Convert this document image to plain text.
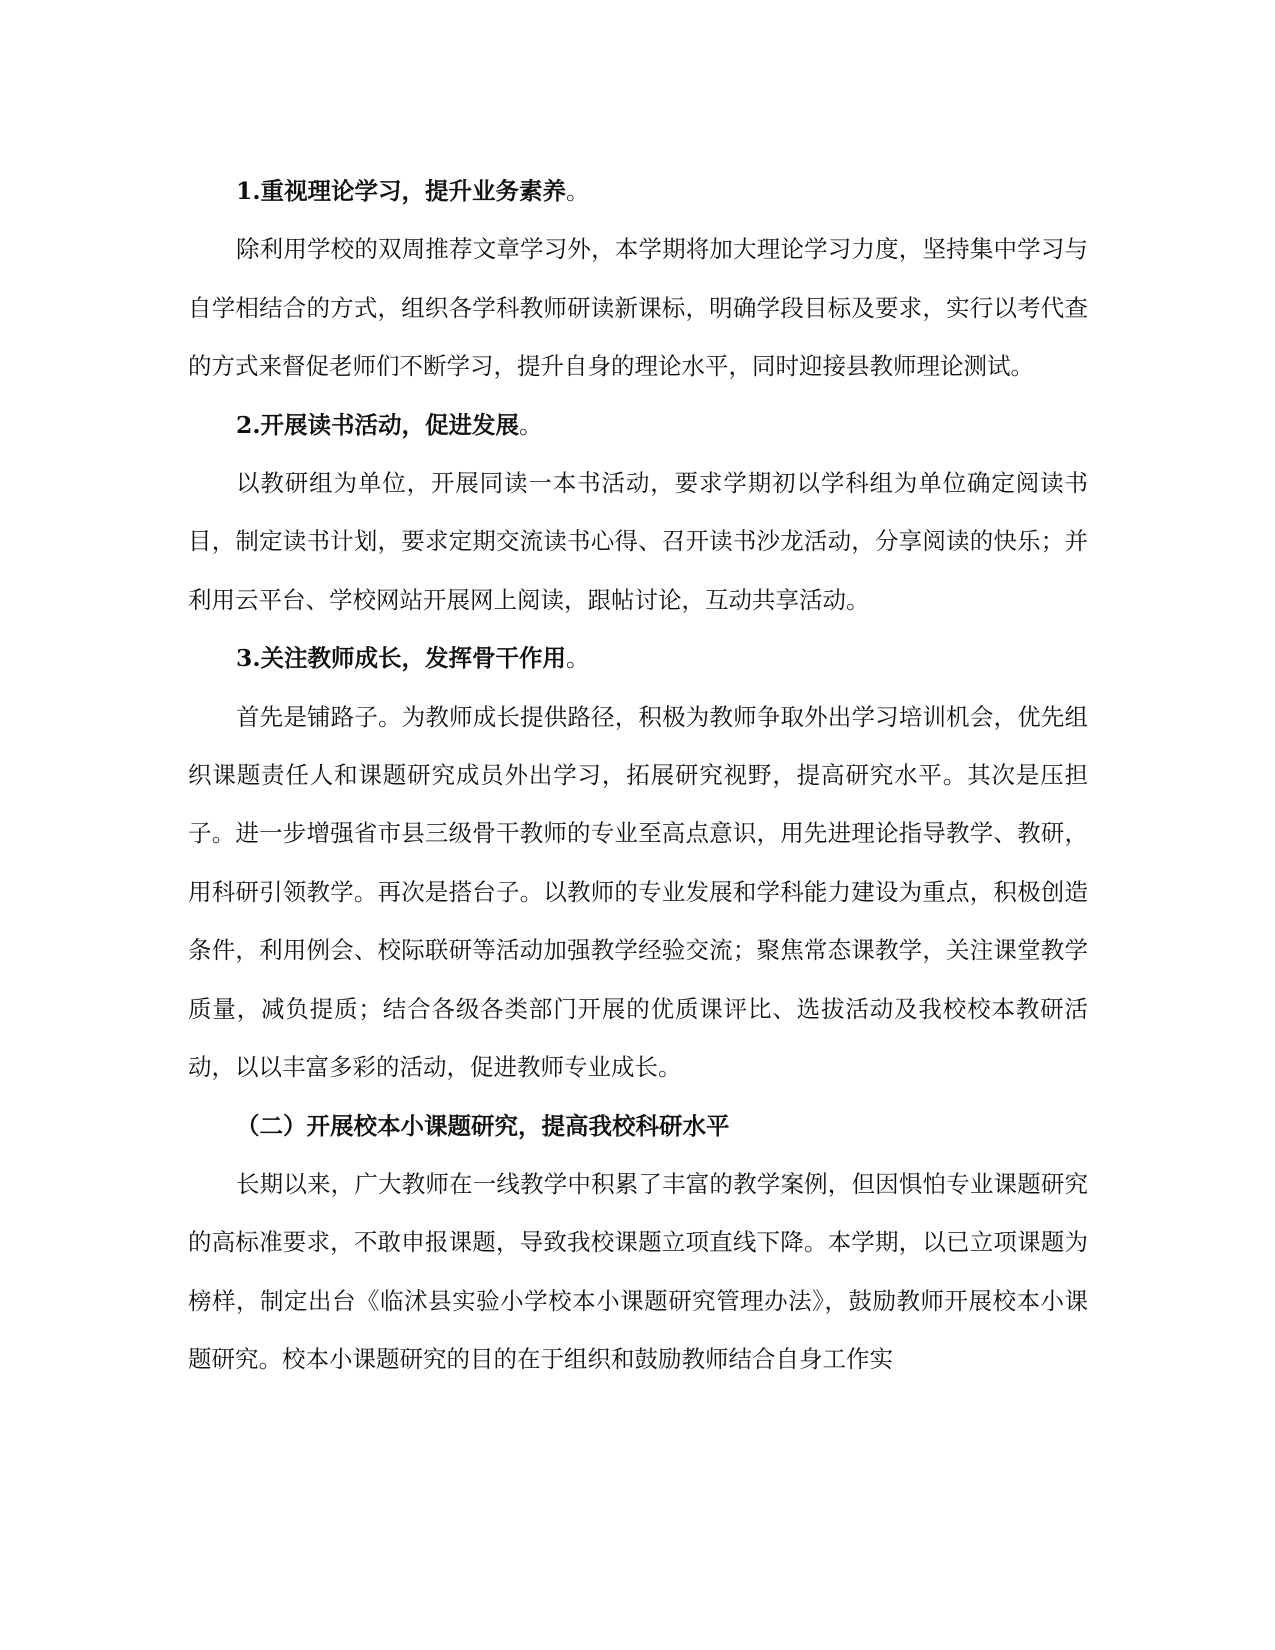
1.重视理论学习，提升业务素养。

除利用学校的双周推荐文章学习外，本学期将加大理论学习力度，坚持集中学习与自学相结合的方式，组织各学科教师研读新课标，明确学段目标及要求，实行以考代查的方式来督促老师们不断学习，提升自身的理论水平，同时迎接县教师理论测试。

2.开展读书活动，促进发展。

以教研组为单位，开展同读一本书活动，要求学期初以学科组为单位确定阅读书目，制定读书计划，要求定期交流读书心得、召开读书沙龙活动，分享阅读的快乐；并利用云平台、学校网站开展网上阅读，跟帖讨论，互动共享活动。

3.关注教师成长，发挥骨干作用。

首先是铺路子。为教师成长提供路径，积极为教师争取外出学习培训机会，优先组织课题责任人和课题研究成员外出学习，拓展研究视野，提高研究水平。其次是压担子。进一步增强省市县三级骨干教师的专业至高点意识，用先进理论指导教学、教研，用科研引领教学。再次是搭台子。以教师的专业发展和学科能力建设为重点，积极创造条件，利用例会、校际联研等活动加强教学经验交流；聚焦常态课教学，关注课堂教学质量，减负提质；结合各级各类部门开展的优质课评比、选拔活动及我校校本教研活动，以以丰富多彩的活动，促进教师专业成长。

（二）开展校本小课题研究，提高我校科研水平

长期以来，广大教师在一线教学中积累了丰富的教学案例，但因惧怕专业课题研究的高标准要求，不敢申报课题，导致我校课题立项直线下降。本学期，以已立项课题为榜样，制定出台《临沭县实验小学校本小课题研究管理办法》，鼓励教师开展校本小课题研究。校本小课题研究的目的在于组织和鼓励教师结合自身工作实
